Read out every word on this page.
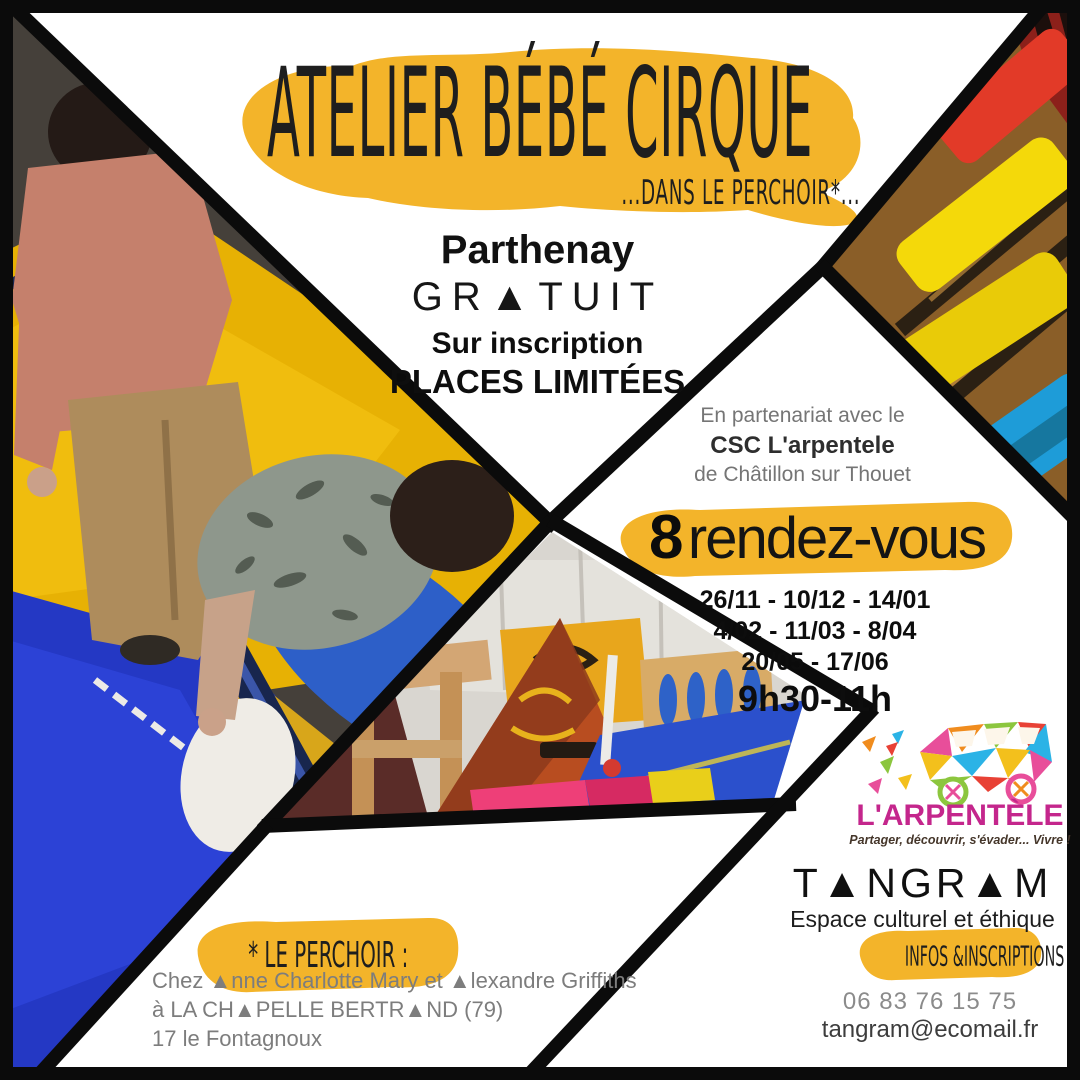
ATELIER BÉBÉ CIRQUE
...DANS LE PERCHOIR*...
Parthenay
GR▲TUIT
Sur inscription
PLACES LIMITÉES
En partenariat avec le
CSC L'arpentele
de Châtillon sur Thouet
8 rendez-vous
26/11 - 10/12 - 14/01
4/02 - 11/03 - 8/04
20/05 - 17/06
9h30-11h
L'ARPENTÈLE
Partager, découvrir, s'évader... Vivre !
T▲NGR▲M
Espace culturel et éthique
INFOS &INSCRIPTIONS
06 83 76 15 75
tangram@ecomail.fr
* LE PERCHOIR :
Chez ▲nne Charlotte Mary et ▲lexandre Griffiths
à LA CH▲PELLE BERTR▲ND (79)
17 le Fontagnoux
